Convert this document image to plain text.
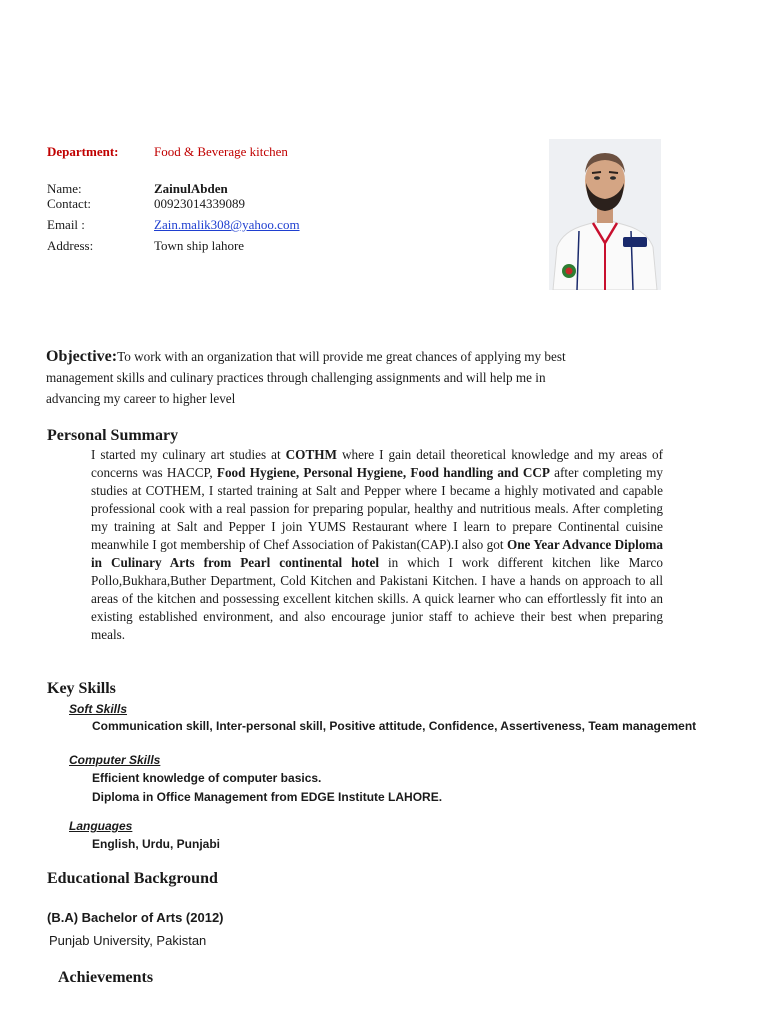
Department:	Food & Beverage kitchen
Name:	ZainulAbden
Contact:	00923014339089
Email :	Zain.malik308@yahoo.com
Address:	Town ship lahore
Objective:To work with an organization that will provide me great chances of applying my best
management skills and culinary practices through challenging assignments and will help me in
advancing my career to higher level
Personal Summary
I started my culinary art studies at COTHM where I gain detail theoretical knowledge and my areas of concerns was HACCP, Food Hygiene, Personal Hygiene, Food handling and CCP after completing my studies at COTHEM, I started training at Salt and Pepper where I became a highly motivated and capable professional cook with a real passion for preparing popular, healthy and nutritious meals. After completing my training at Salt and Pepper I join YUMS Restaurant where I learn to prepare Continental cuisine meanwhile I got membership of Chef Association of Pakistan(CAP).I also got One Year Advance Diploma in Culinary Arts from Pearl continental hotel in which I work different kitchen like Marco Pollo,Bukhara,Buther Department, Cold Kitchen and Pakistani Kitchen. I have a hands on approach to all areas of the kitchen and possessing excellent kitchen skills. A quick learner who can effortlessly fit into an existing established environment, and also encourage junior staff to achieve their best when preparing meals.
Key Skills
Soft Skills
Communication skill, Inter-personal skill, Positive attitude, Confidence, Assertiveness, Team management
Computer Skills
Efficient knowledge of computer basics.
Diploma in Office Management from EDGE Institute LAHORE.
Languages
English, Urdu, Punjabi
Educational Background
(B.A) Bachelor of Arts (2012)
Punjab University, Pakistan
Achievements
